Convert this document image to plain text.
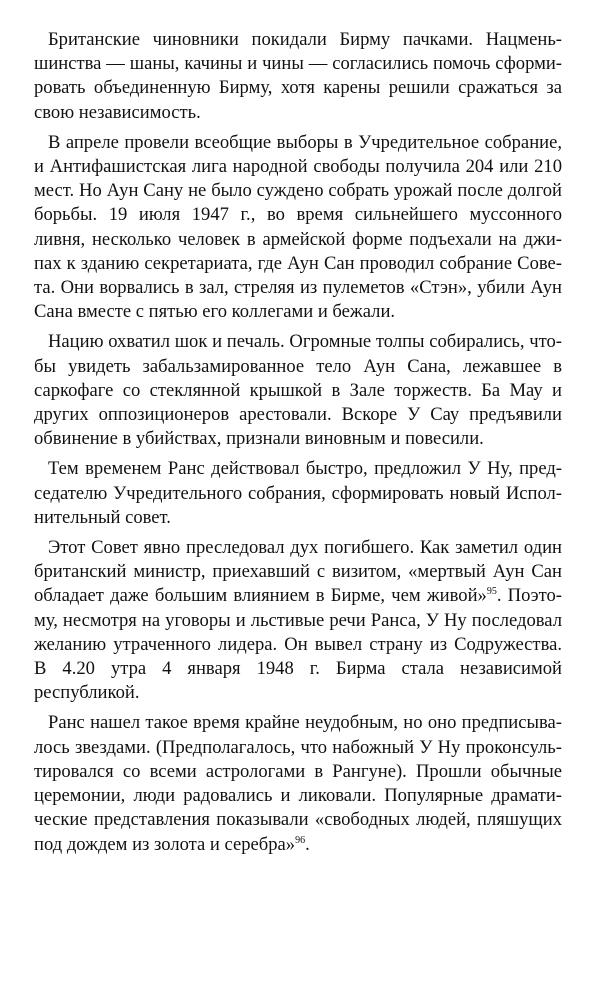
Британские чиновники покидали Бирму пачками. Нацменьшинства — шаны, качины и чины — согласились помочь сформировать объединенную Бирму, хотя карены решили сражаться за свою независимость.

В апреле провели всеобщие выборы в Учредительное собрание, и Антифашистская лига народной свободы получила 204 или 210 мест. Но Аун Сану не было суждено собрать урожай после долгой борьбы. 19 июля 1947 г., во время сильнейшего муссонного ливня, несколько человек в армейской форме подъехали на джипах к зданию секретариата, где Аун Сан проводил собрание Совета. Они ворвались в зал, стреляя из пулеметов «Стэн», убили Аун Сана вместе с пятью его коллегами и бежали.

Нацию охватил шок и печаль. Огромные толпы собирались, чтобы увидеть забальзамированное тело Аун Сана, лежавшее в саркофаге со стеклянной крышкой в Зале торжеств. Ба Мау и других оппозиционеров арестовали. Вскоре У Сау предъявили обвинение в убийствах, признали виновным и повесили.

Тем временем Ранс действовал быстро, предложил У Ну, председателю Учредительного собрания, сформировать новый Исполнительный совет.

Этот Совет явно преследовал дух погибшего. Как заметил один британский министр, приехавший с визитом, «мертвый Аун Сан обладает даже большим влиянием в Бирме, чем живой»$^{95}$. Поэтому, несмотря на уговоры и льстивые речи Ранса, У Ну последовал желанию утраченного лидера. Он вывел страну из Содружества. В 4.20 утра 4 января 1948 г. Бирма стала независимой республикой.

Ранс нашел такое время крайне неудобным, но оно предписывалось звездами. (Предполагалось, что набожный У Ну проконсультировался со всеми астрологами в Рангуне). Прошли обычные церемонии, люди радовались и ликовали. Популярные драматические представления показывали «свободных людей, пляшущих под дождем из золота и серебра»$^{96}$.
